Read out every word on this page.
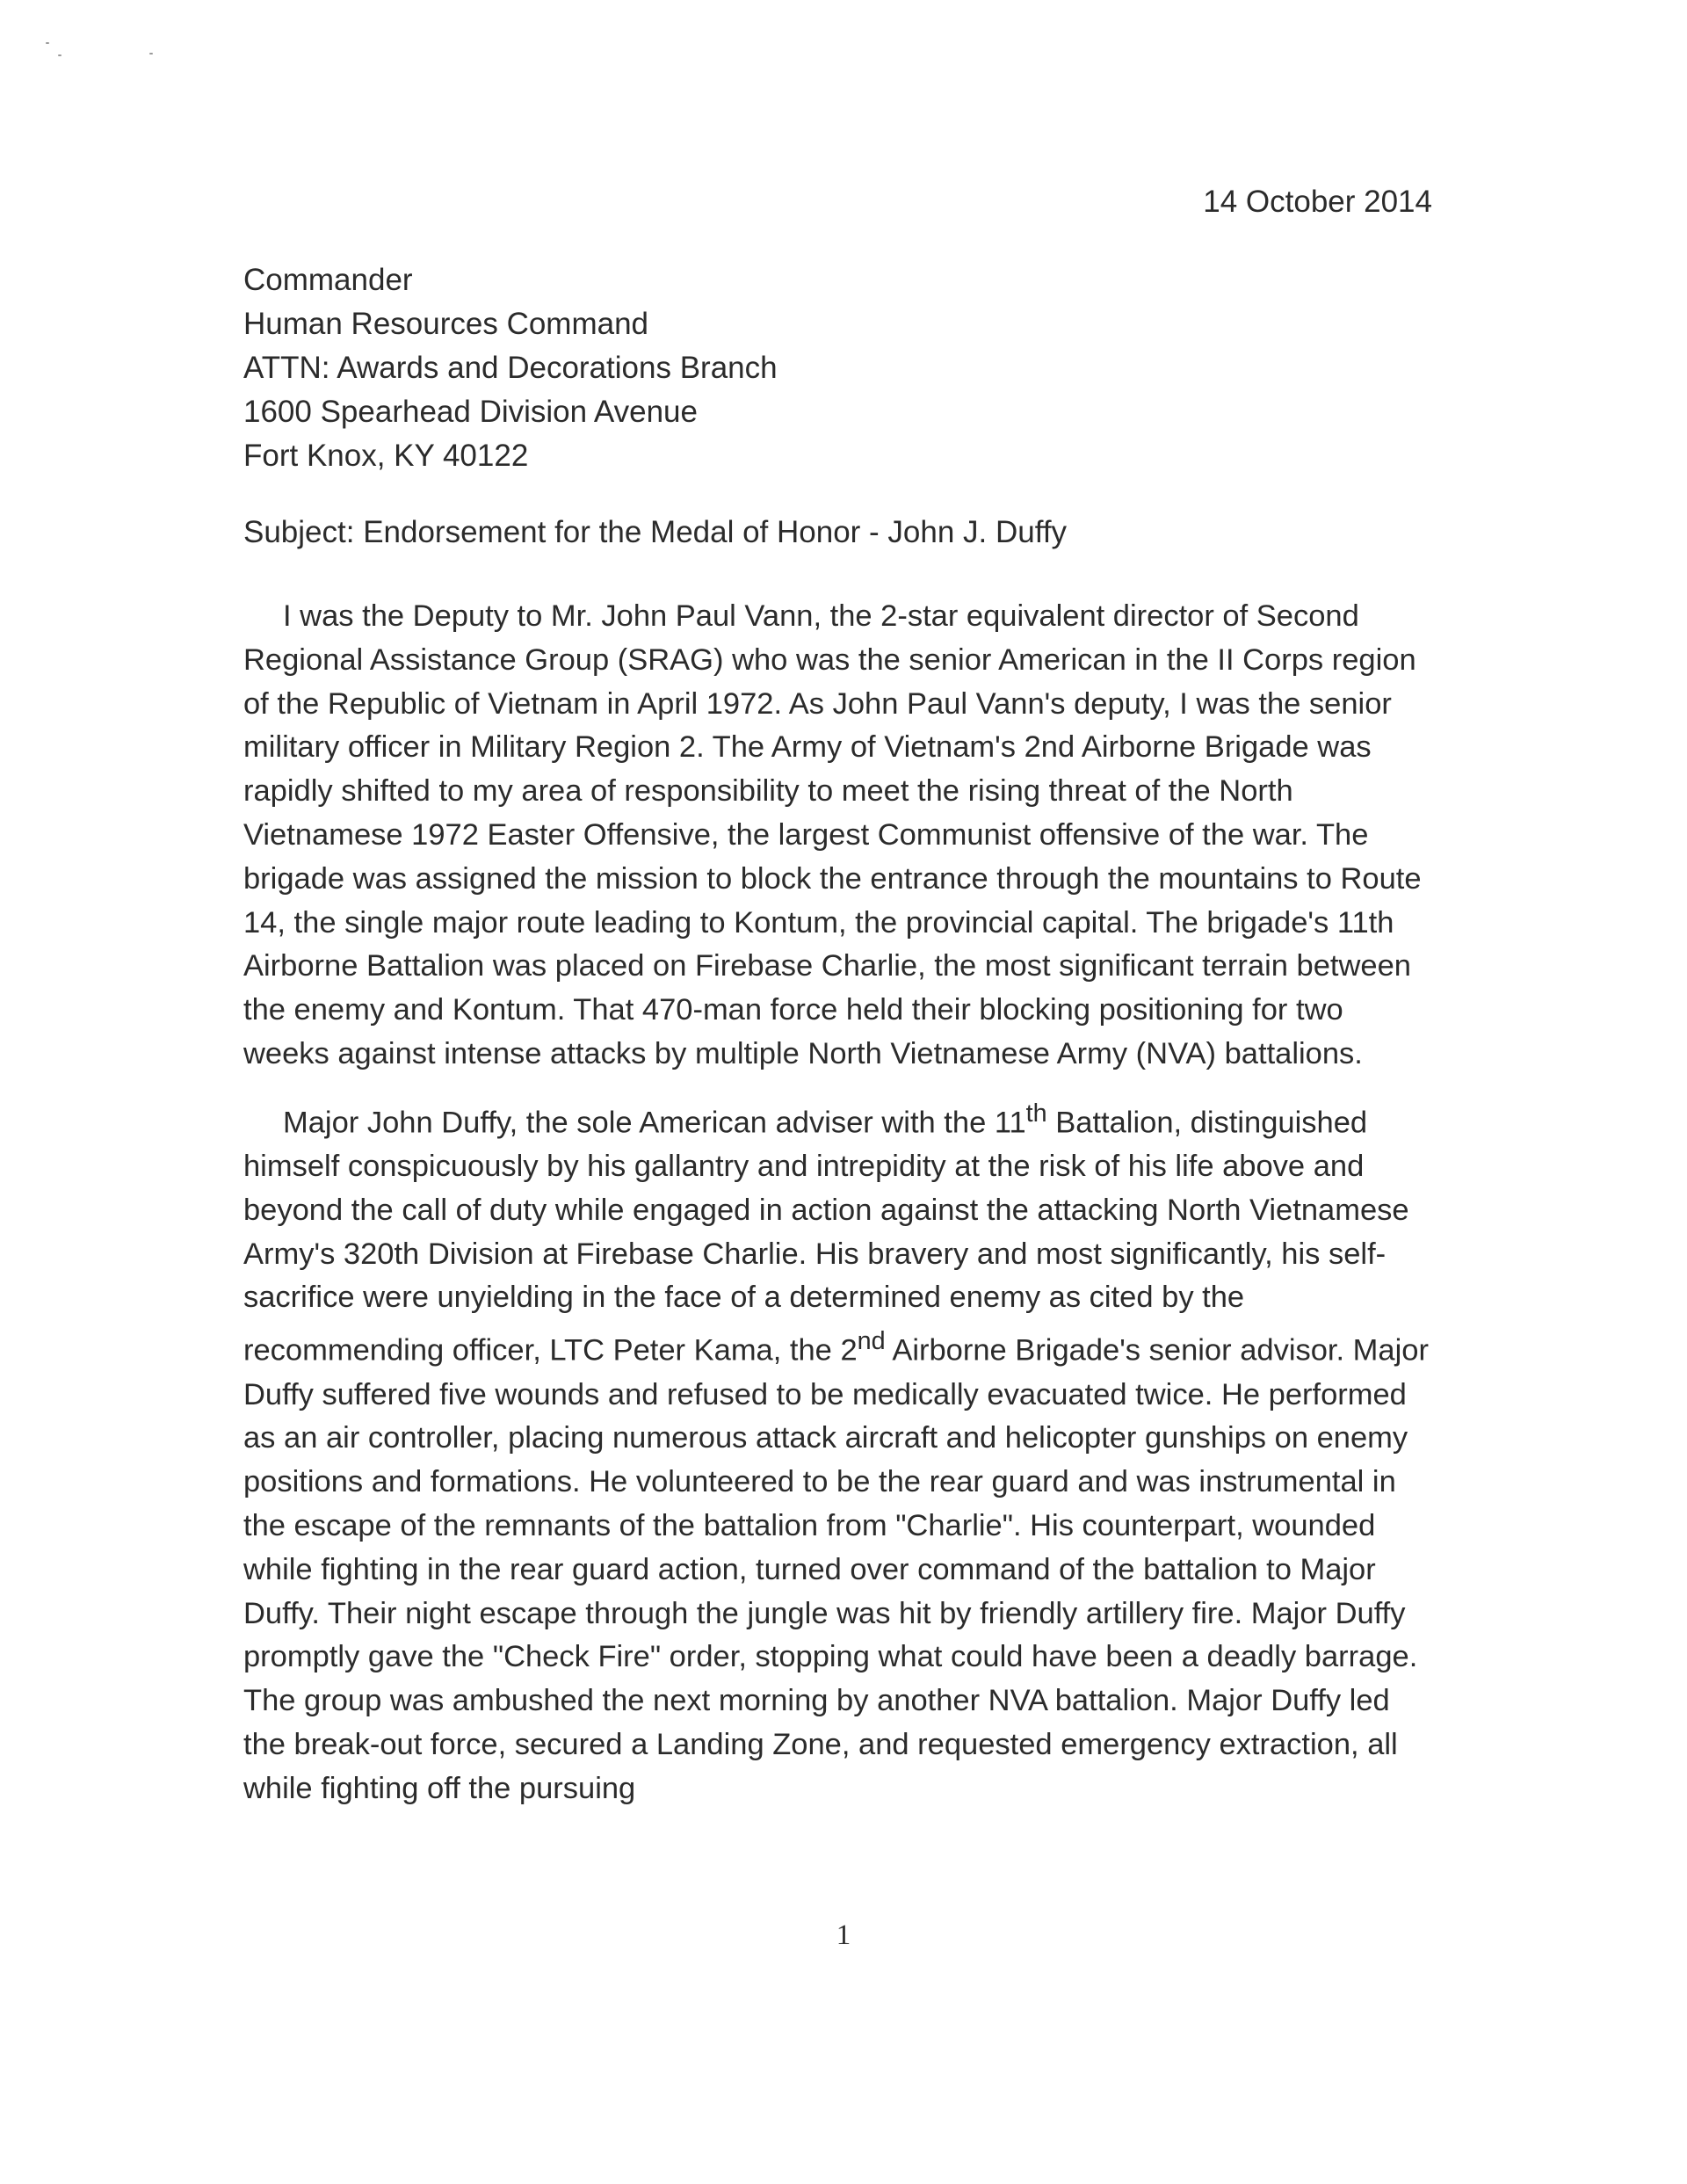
14 October 2014
Commander
Human Resources Command
ATTN: Awards and Decorations Branch
1600 Spearhead Division Avenue
Fort Knox, KY 40122
Subject: Endorsement for the Medal of Honor - John J. Duffy

I was the Deputy to Mr. John Paul Vann, the 2-star equivalent director of Second Regional Assistance Group (SRAG) who was the senior American in the II Corps region of the Republic of Vietnam in April 1972. As John Paul Vann's deputy, I was the senior military officer in Military Region 2. The Army of Vietnam's 2nd Airborne Brigade was rapidly shifted to my area of responsibility to meet the rising threat of the North Vietnamese 1972 Easter Offensive, the largest Communist offensive of the war. The brigade was assigned the mission to block the entrance through the mountains to Route 14, the single major route leading to Kontum, the provincial capital. The brigade's 11th Airborne Battalion was placed on Firebase Charlie, the most significant terrain between the enemy and Kontum. That 470-man force held their blocking positioning for two weeks against intense attacks by multiple North Vietnamese Army (NVA) battalions.

Major John Duffy, the sole American adviser with the 11th Battalion, distinguished himself conspicuously by his gallantry and intrepidity at the risk of his life above and beyond the call of duty while engaged in action against the attacking North Vietnamese Army's 320th Division at Firebase Charlie. His bravery and most significantly, his self-sacrifice were unyielding in the face of a determined enemy as cited by the recommending officer, LTC Peter Kama, the 2nd Airborne Brigade's senior advisor. Major Duffy suffered five wounds and refused to be medically evacuated twice. He performed as an air controller, placing numerous attack aircraft and helicopter gunships on enemy positions and formations. He volunteered to be the rear guard and was instrumental in the escape of the remnants of the battalion from "Charlie". His counterpart, wounded while fighting in the rear guard action, turned over command of the battalion to Major Duffy. Their night escape through the jungle was hit by friendly artillery fire. Major Duffy promptly gave the "Check Fire" order, stopping what could have been a deadly barrage. The group was ambushed the next morning by another NVA battalion. Major Duffy led the break-out force, secured a Landing Zone, and requested emergency extraction, all while fighting off the pursuing

1
